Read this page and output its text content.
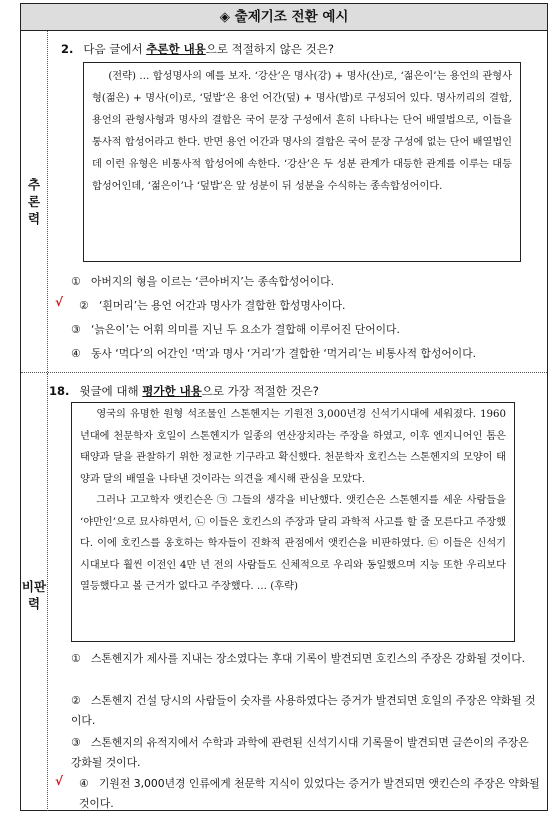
◈ 출제기조 전환 예시
추
론
력
비판
력
2. 다음 글에서 추론한 내용으로 적절하지 않은 것은?

(전략) … 합성명사의 예를 보자. ‘강산’은 명사(강) + 명사(산)로, ‘젊은이’는 용언의 관형사형(젊은) + 명사(이)로, ‘덮밥’은 용언 어간(덮) + 명사(밥)로 구성되어 있다. 명사끼리의 결합, 용언의 관형사형과 명사의 결합은 국어 문장 구성에서 흔히 나타나는 단어 배열법으로, 이들을 통사적 합성어라고 한다. 반면 용언 어간과 명사의 결합은 국어 문장 구성에 없는 단어 배열법인데 이런 유형은 비통사적 합성어에 속한다. ‘강산’은 두 성분 관계가 대등한 관계를 이루는 대등합성어인데, ‘젊은이’나 ‘덮밥’은 앞 성분이 뒤 성분을 수식하는 종속합성어이다.

① 아버지의 형을 이르는 ‘큰아버지’는 종속합성어이다.
√ ② ‘흰머리’는 용언 어간과 명사가 결합한 합성명사이다.
③ ‘늙은이’는 어휘 의미를 지닌 두 요소가 결합해 이루어진 단어이다.
④ 동사 ‘먹다’의 어간인 ‘먹’과 명사 ‘거리’가 결합한 ‘먹거리’는 비통사적 합성어이다.
18. 윗글에 대해 평가한 내용으로 가장 적절한 것은?

영국의 유명한 원형 석조물인 스톤헨지는 기원전 3,000년경 신석기시대에 세워졌다. 1960년대에 천문학자 호일이 스톤헨지가 일종의 연산장치라는 주장을 하였고, 이후 엔지니어인 톰은 태양과 달을 관찰하기 위한 정교한 기구라고 확신했다. 천문학자 호킨스는 스톤헨지의 모양이 태양과 달의 배열을 나타낸 것이라는 의견을 제시해 관심을 모았다.

그러나 고고학자 앳킨슨은 ㉠ 그들의 생각을 비난했다. 앳킨슨은 스톤헨지를 세운 사람들을 ‘야만인’으로 묘사하면서, ㉡ 이들은 호킨스의 주장과 달리 과학적 사고를 할 줄 모른다고 주장했다. 이에 호킨스를 옹호하는 학자들이 진화적 관점에서 앳킨슨을 비판하였다. ㉢ 이들은 신석기시대보다 훨씬 이전인 4만 년 전의 사람들도 신체적으로 우리와 동일했으며 지능 또한 우리보다 열등했다고 볼 근거가 없다고 주장했다. … (후략)

① 스톤헨지가 제사를 지내는 장소였다는 후대 기록이 발견되면 호킨스의 주장은 강화될 것이다.
② 스톤헨지 건설 당시의 사람들이 숫자를 사용하였다는 증거가 발견되면 호일의 주장은 약화될 것이다.
③ 스톤헨지의 유적지에서 수학과 과학에 관련된 신석기시대 기록물이 발견되면 글쓴이의 주장은 강화될 것이다.
√ ④ 기원전 3,000년경 인류에게 천문학 지식이 있었다는 증거가 발견되면 앳킨슨의 주장은 약화될 것이다.
